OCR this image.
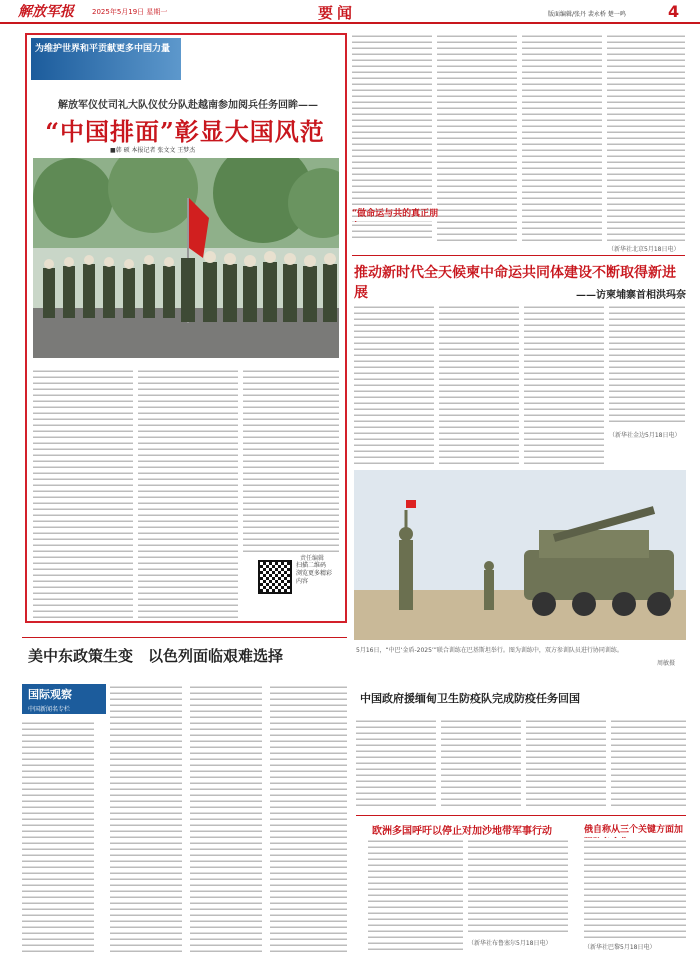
解放军报	2025年5月19日 星期一	要闻	版面编辑/张丹 裴永桥 楚一鸣	4
为维护世界和平贡献更多中国力量
解放军仪仗司礼大队仪仗分队赴越南参加阅兵任务回眸——
“中国排面”彰显大国风范
■韩 硕 本报记者 张文文 王梦杰
扫描二维码 浏览更多精彩内容
责任编辑
“做命运与共的真正朋
（新华社北京5月18日电）
推动新时代全天候柬中命运共同体建设不断取得新进展	——访柬埔寨首相洪玛奈
（新华社金边5月18日电）
5月16日，“中巴‘金盾-2025’”联合训练在巴基斯坦举行。图为训练中，双方参训队员进行协同训练。
周敏摄
美中东政策生变　以色列面临艰难选择
国际观察
中国新闻名专栏
中国政府援缅甸卫生防疫队完成防疫任务回国
欧洲多国呼吁以停止对加沙地带军事行动
（新华社布鲁塞尔5月18日电）
俄自称从三个关键方面加
（新华社巴黎5月18日电）
